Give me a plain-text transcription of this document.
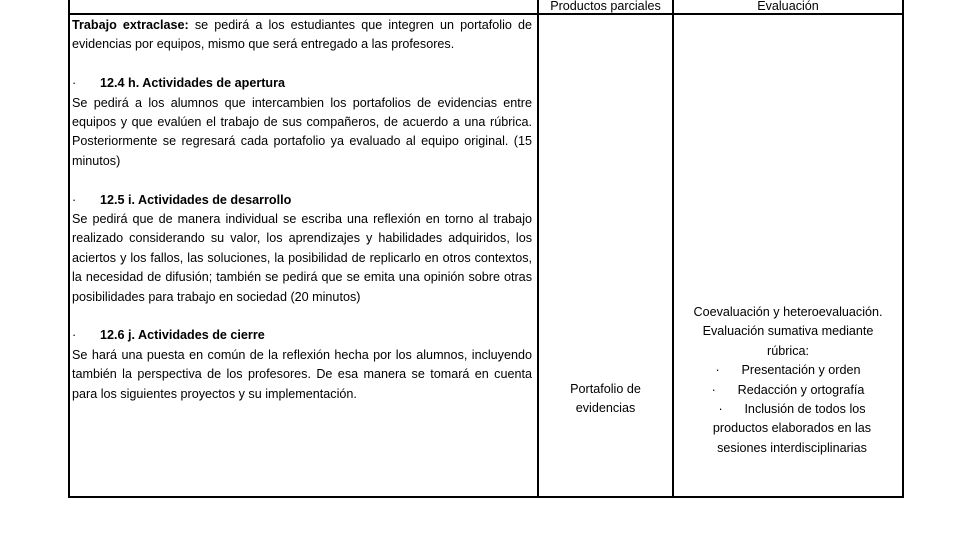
Productos parciales	Evaluación

Trabajo extraclase: se pedirá a los estudiantes que integren un portafolio de evidencias por equipos, mismo que será entregado a las profesores.

· 12.4 h. Actividades de apertura

Se pedirá a los alumnos que intercambien los portafolios de evidencias entre equipos y que evalúen el trabajo de sus compañeros, de acuerdo a una rúbrica. Posteriormente se regresará cada portafolio ya evaluado al equipo original. (15 minutos)

· 12.5 i. Actividades de desarrollo

Se pedirá que de manera individual se escriba una reflexión en torno al trabajo realizado considerando su valor, los aprendizajes y habilidades adquiridos, los aciertos y los fallos, las soluciones, la posibilidad de replicarlo en otros contextos, la necesidad de difusión; también se pedirá que se emita una opinión sobre otras posibilidades para trabajo en sociedad (20 minutos)

· 12.6 j. Actividades de cierre

Se hará una puesta en común de la reflexión hecha por los alumnos, incluyendo también la perspectiva de los profesores. De esa manera se tomará en cuenta para los siguientes proyectos y su implementación.	Portafolio de

evidencias

Coevaluación y heteroevaluación.

Evaluación sumativa mediante

rúbrica:

· Presentación y orden

· Redacción y ortografía

· Inclusión de todos los productos elaborados en las sesiones interdisciplinarias
